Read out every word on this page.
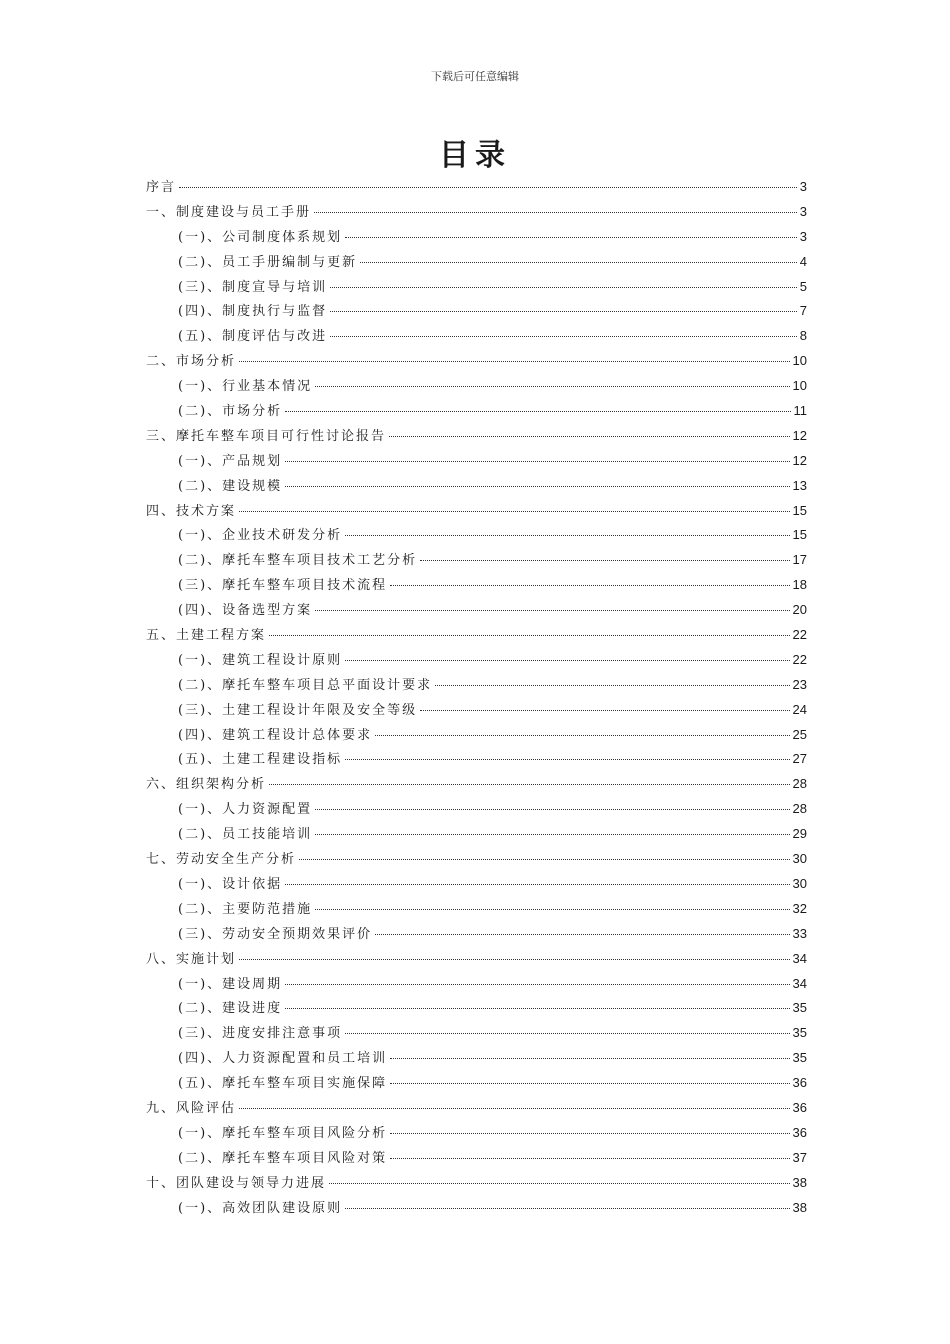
下载后可任意编辑
目录
序言	3
一、制度建设与员工手册	3
(一)、公司制度体系规划	3
(二)、员工手册编制与更新	4
(三)、制度宣导与培训	5
(四)、制度执行与监督	7
(五)、制度评估与改进	8
二、市场分析	10
(一)、行业基本情况	10
(二)、市场分析	11
三、摩托车整车项目可行性讨论报告	12
(一)、产品规划	12
(二)、建设规模	13
四、技术方案	15
(一)、企业技术研发分析	15
(二)、摩托车整车项目技术工艺分析	17
(三)、摩托车整车项目技术流程	18
(四)、设备选型方案	20
五、土建工程方案	22
(一)、建筑工程设计原则	22
(二)、摩托车整车项目总平面设计要求	23
(三)、土建工程设计年限及安全等级	24
(四)、建筑工程设计总体要求	25
(五)、土建工程建设指标	27
六、组织架构分析	28
(一)、人力资源配置	28
(二)、员工技能培训	29
七、劳动安全生产分析	30
(一)、设计依据	30
(二)、主要防范措施	32
(三)、劳动安全预期效果评价	33
八、实施计划	34
(一)、建设周期	34
(二)、建设进度	35
(三)、进度安排注意事项	35
(四)、人力资源配置和员工培训	35
(五)、摩托车整车项目实施保障	36
九、风险评估	36
(一)、摩托车整车项目风险分析	36
(二)、摩托车整车项目风险对策	37
十、团队建设与领导力进展	38
(一)、高效团队建设原则	38
